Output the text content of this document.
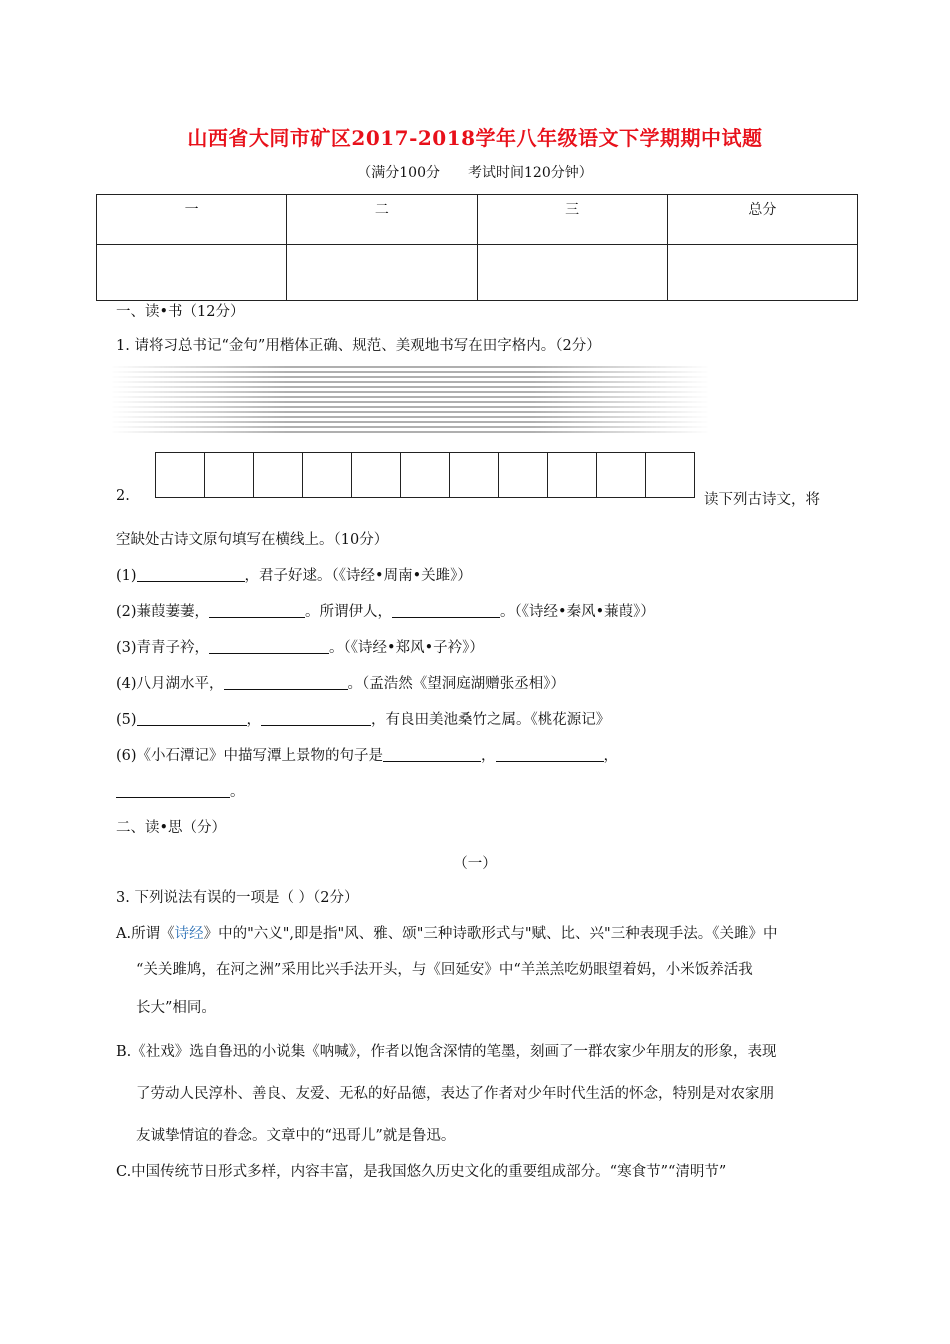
山西省大同市矿区2017-2018学年八年级语文下学期期中试题
（满分100分 考试时间120分钟）
一	二	三	总分

一、读•书（12分）
1. 请将习总书记“金句”用楷体正确、规范、美观地书写在田字格内。（2分）
2.	读下列古诗文，将
空缺处古诗文原句填写在横线上。（10分）
(1)	，君子好逑。（《诗经•周南•关雎》）
(2)蒹葭萋萋，	。所谓伊人，	。（《诗经•秦风•蒹葭》）
(3)青青子衿，	。（《诗经•郑风•子衿》）
(4)八月湖水平，	。（孟浩然《望洞庭湖赠张丞相》）
(5)	，	，有良田美池桑竹之属。《桃花源记》
(6)《小石潭记》中描写潭上景物的句子是	，	，
。
二、读•思（分）
（一）
3. 下列说法有误的一项是（ ）（2分）
A.所谓《诗经》中的"六义",即是指"风、雅、颂"三种诗歌形式与"赋、比、兴"三种表现手法。《关雎》中
“关关雎鸠，在河之洲”采用比兴手法开头，与《回延安》中“羊羔羔吃奶眼望着妈，小米饭养活我
长大”相同。
B.《社戏》选自鲁迅的小说集《呐喊》，作者以饱含深情的笔墨，刻画了一群农家少年朋友的形象，表现
了劳动人民淳朴、善良、友爱、无私的好品德，表达了作者对少年时代生活的怀念，特别是对农家朋
友诚挚情谊的眷念。文章中的“迅哥儿”就是鲁迅。
C.中国传统节日形式多样，内容丰富，是我国悠久历史文化的重要组成部分。“寒食节”“清明节”
